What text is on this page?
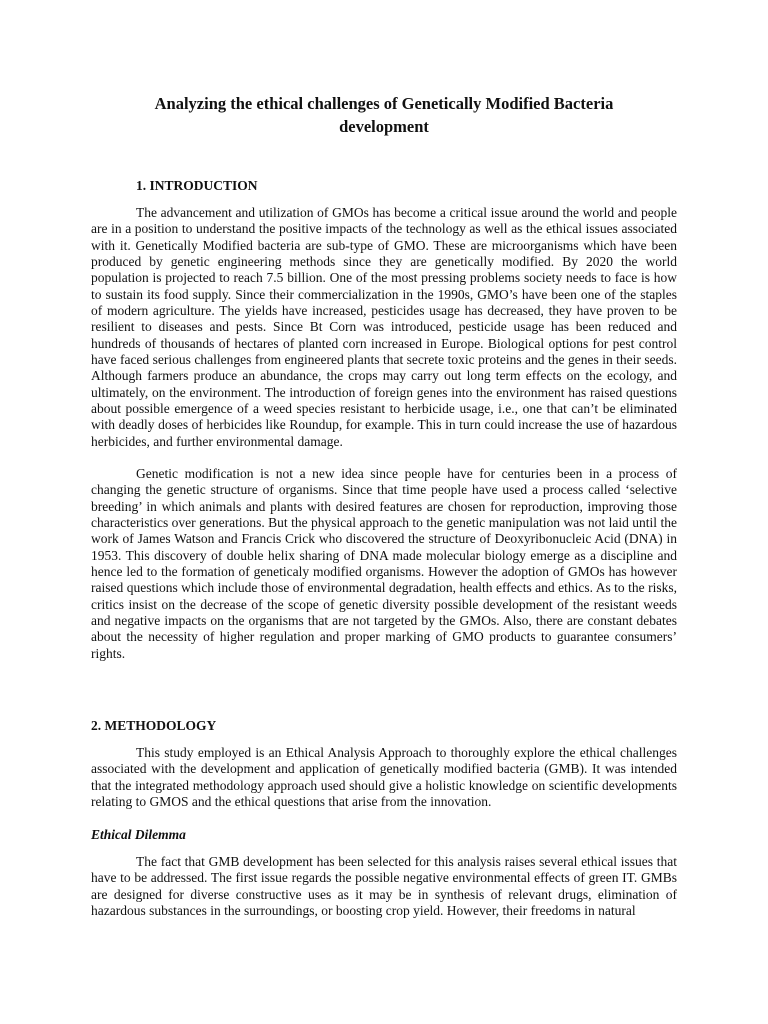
Analyzing the ethical challenges of Genetically Modified Bacteria development
1. INTRODUCTION

The advancement and utilization of GMOs has become a critical issue around the world and people are in a position to understand the positive impacts of the technology as well as the ethical issues associated with it. Genetically Modified bacteria are sub-type of GMO. These are microorganisms which have been produced by genetic engineering methods since they are genetically modified. By 2020 the world population is projected to reach 7.5 billion. One of the most pressing problems society needs to face is how to sustain its food supply. Since their commercialization in the 1990s, GMO’s have been one of the staples of modern agriculture. The yields have increased, pesticides usage has decreased, they have proven to be resilient to diseases and pests. Since Bt Corn was introduced, pesticide usage has been reduced and hundreds of thousands of hectares of planted corn increased in Europe. Biological options for pest control have faced serious challenges from engineered plants that secrete toxic proteins and the genes in their seeds. Although farmers produce an abundance, the crops may carry out long term effects on the ecology, and ultimately, on the environment. The introduction of foreign genes into the environment has raised questions about possible emergence of a weed species resistant to herbicide usage, i.e., one that can’t be eliminated with deadly doses of herbicides like Roundup, for example. This in turn could increase the use of hazardous herbicides, and further environmental damage.

Genetic modification is not a new idea since people have for centuries been in a process of changing the genetic structure of organisms. Since that time people have used a process called ‘selective breeding’ in which animals and plants with desired features are chosen for reproduction, improving those characteristics over generations. But the physical approach to the genetic manipulation was not laid until the work of James Watson and Francis Crick who discovered the structure of Deoxyribonucleic Acid (DNA) in 1953. This discovery of double helix sharing of DNA made molecular biology emerge as a discipline and hence led to the formation of geneticaly modified organisms. However the adoption of GMOs has however raised questions which include those of environmental degradation, health effects and ethics. As to the risks, critics insist on the decrease of the scope of genetic diversity possible development of the resistant weeds and negative impacts on the organisms that are not targeted by the GMOs. Also, there are constant debates about the necessity of higher regulation and proper marking of GMO products to guarantee consumers’ rights.

2. METHODOLOGY

This study employed is an Ethical Analysis Approach to thoroughly explore the ethical challenges associated with the development and application of genetically modified bacteria (GMB). It was intended that the integrated methodology approach used should give a holistic knowledge on scientific developments relating to GMOS and the ethical questions that arise from the innovation.

Ethical Dilemma

The fact that GMB development has been selected for this analysis raises several ethical issues that have to be addressed. The first issue regards the possible negative environmental effects of green IT. GMBs are designed for diverse constructive uses as it may be in synthesis of relevant drugs, elimination of hazardous substances in the surroundings, or boosting crop yield. However, their freedoms in natural
